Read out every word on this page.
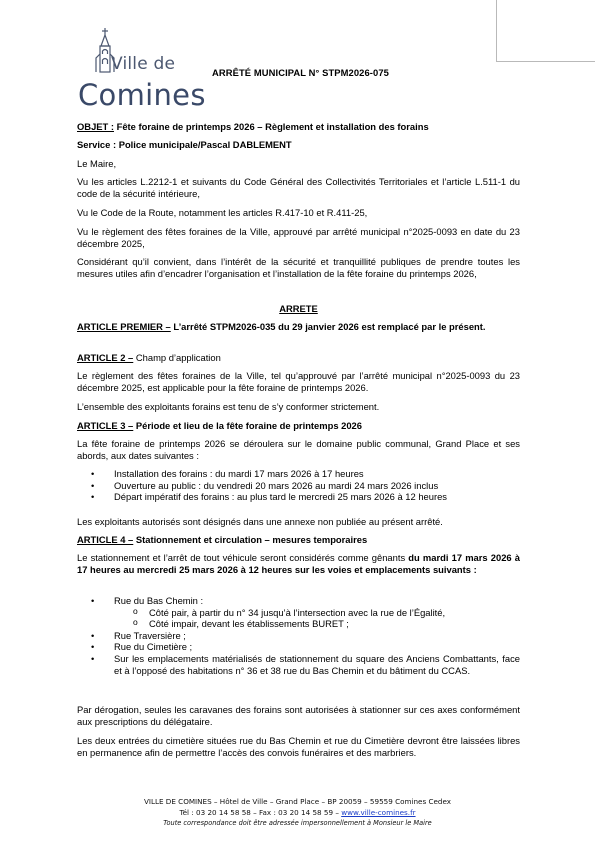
Ville de
Comines
ARRÊTÉ MUNICIPAL N° STPM2026-075
OBJET : Fête foraine de printemps 2026 – Règlement et installation des forains
Service : Police municipale/Pascal DABLEMENT
Le Maire,
Vu les articles L.2212-1 et suivants du Code Général des Collectivités Territoriales et l’article L.511-1 du code de la sécurité intérieure,
Vu le Code de la Route, notamment les articles R.417-10 et R.411-25,
Vu le règlement des fêtes foraines de la Ville, approuvé par arrêté municipal n°2025-0093 en date du 23 décembre 2025,
Considérant qu’il convient, dans l’intérêt de la sécurité et tranquillité publiques de prendre toutes les mesures utiles afin d’encadrer l’organisation et l’installation de la fête foraine du printemps 2026,
ARRETE
ARTICLE PREMIER – L’arrêté STPM2026-035 du 29 janvier 2026 est remplacé par le présent.
ARTICLE 2 – Champ d’application
Le règlement des fêtes foraines de la Ville, tel qu’approuvé par l’arrêté municipal n°2025-0093 du 23 décembre 2025, est applicable pour la fête foraine de printemps 2026.
L’ensemble des exploitants forains est tenu de s’y conformer strictement.
ARTICLE 3 – Période et lieu de la fête foraine de printemps 2026
La fête foraine de printemps 2026 se déroulera sur le domaine public communal, Grand Place et ses abords, aux dates suivantes :
• Installation des forains : du mardi 17 mars 2026 à 17 heures
• Ouverture au public : du vendredi 20 mars 2026 au mardi 24 mars 2026 inclus
• Départ impératif des forains : au plus tard le mercredi 25 mars 2026 à 12 heures
Les exploitants autorisés sont désignés dans une annexe non publiée au présent arrêté.
ARTICLE 4 – Stationnement et circulation – mesures temporaires
Le stationnement et l’arrêt de tout véhicule seront considérés comme gênants du mardi 17 mars 2026 à 17 heures au mercredi 25 mars 2026 à 12 heures sur les voies et emplacements suivants :
• Rue du Bas Chemin :
o Côté pair, à partir du n° 34 jusqu’à l’intersection avec la rue de l’Égalité,
o Côté impair, devant les établissements BURET ;
• Rue Traversière ;
• Rue du Cimetière ;
• Sur les emplacements matérialisés de stationnement du square des Anciens Combattants, face et à l’opposé des habitations n° 36 et 38 rue du Bas Chemin et du bâtiment du CCAS.
Par dérogation, seules les caravanes des forains sont autorisées à stationner sur ces axes conformément aux prescriptions du délégataire.
Les deux entrées du cimetière situées rue du Bas Chemin et rue du Cimetière devront être laissées libres en permanence afin de permettre l’accès des convois funéraires et des marbriers.
VILLE DE COMINES – Hôtel de Ville – Grand Place – BP 20059 – 59559 Comines Cedex
Tél : 03 20 14 58 58 – Fax : 03 20 14 58 59 – www.ville-comines.fr
Toute correspondance doit être adressée impersonnellement à Monsieur le Maire
